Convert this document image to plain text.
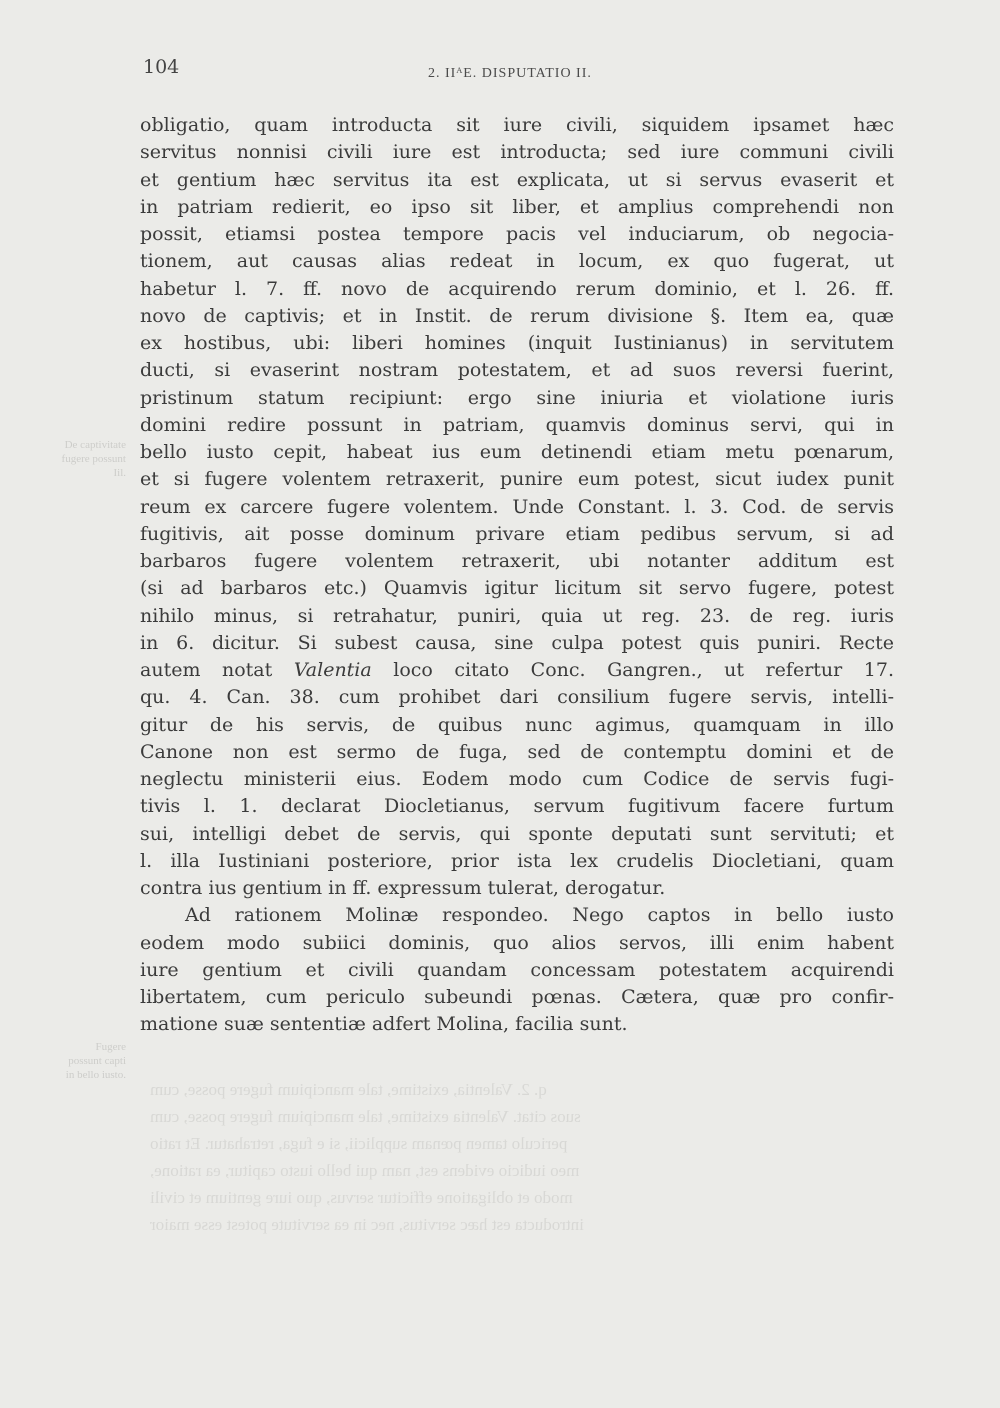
q. 2. Valentia, existime, tale mancipium fugere posse, cum
suos citat. Valentia existime, tale mancipium fugere posse, cum
periculo tamen pœnam supplicii, si e fuga, retrahatur. Et ratio
meo iudicio evidens est, nam qui bello iusto capitur, ea ratione,
modo et obligatione efficitur servus, quo iure gentium et civili
introducta est hæc servitus, nec in ea servitute potest esse maior
De captivitate
fugere possunt
Iil.
Fugere
possunt capti
in bello iusto.
104	2. IIᴬE. DISPUTATIO II.
obligatio, quam introducta sit iure civili, siquidem ipsamet hæc
servitus nonnisi civili iure est introducta; sed iure communi civili
et gentium hæc servitus ita est explicata, ut si servus evaserit et
in patriam redierit, eo ipso sit liber, et amplius comprehendi non
possit, etiamsi postea tempore pacis vel induciarum, ob negocia-
tionem, aut causas alias redeat in locum, ex quo fugerat, ut
habetur l. 7. ff. novo de acquirendo rerum dominio, et l. 26. ff.
novo de captivis; et in Instit. de rerum divisione §. Item ea, quæ
ex hostibus, ubi: liberi homines (inquit Iustinianus) in servitutem
ducti, si evaserint nostram potestatem, et ad suos reversi fuerint,
pristinum statum recipiunt: ergo sine iniuria et violatione iuris
domini redire possunt in patriam, quamvis dominus servi, qui in
bello iusto cepit, habeat ius eum detinendi etiam metu pœnarum,
et si fugere volentem retraxerit, punire eum potest, sicut iudex punit
reum ex carcere fugere volentem. Unde Constant. l. 3. Cod. de servis
fugitivis, ait posse dominum privare etiam pedibus servum, si ad
barbaros fugere volentem retraxerit, ubi notanter additum est
(si ad barbaros etc.) Quamvis igitur licitum sit servo fugere, potest
nihilo minus, si retrahatur, puniri, quia ut reg. 23. de reg. iuris
in 6. dicitur. Si subest causa, sine culpa potest quis puniri. Recte
autem notat Valentia loco citato Conc. Gangren., ut refertur 17.
qu. 4. Can. 38. cum prohibet dari consilium fugere servis, intelli-
gitur de his servis, de quibus nunc agimus, quamquam in illo
Canone non est sermo de fuga, sed de contemptu domini et de
neglectu ministerii eius. Eodem modo cum Codice de servis fugi-
tivis l. 1. declarat Diocletianus, servum fugitivum facere furtum
sui, intelligi debet de servis, qui sponte deputati sunt servituti; et
l. illa Iustiniani posteriore, prior ista lex crudelis Diocletiani, quam
contra ius gentium in ff. expressum tulerat, derogatur.
Ad rationem Molinæ respondeo. Nego captos in bello iusto
eodem modo subiici dominis, quo alios servos, illi enim habent
iure gentium et civili quandam concessam potestatem acquirendi
libertatem, cum periculo subeundi pœnas. Cætera, quæ pro confir-
matione suæ sententiæ adfert Molina, facilia sunt.
